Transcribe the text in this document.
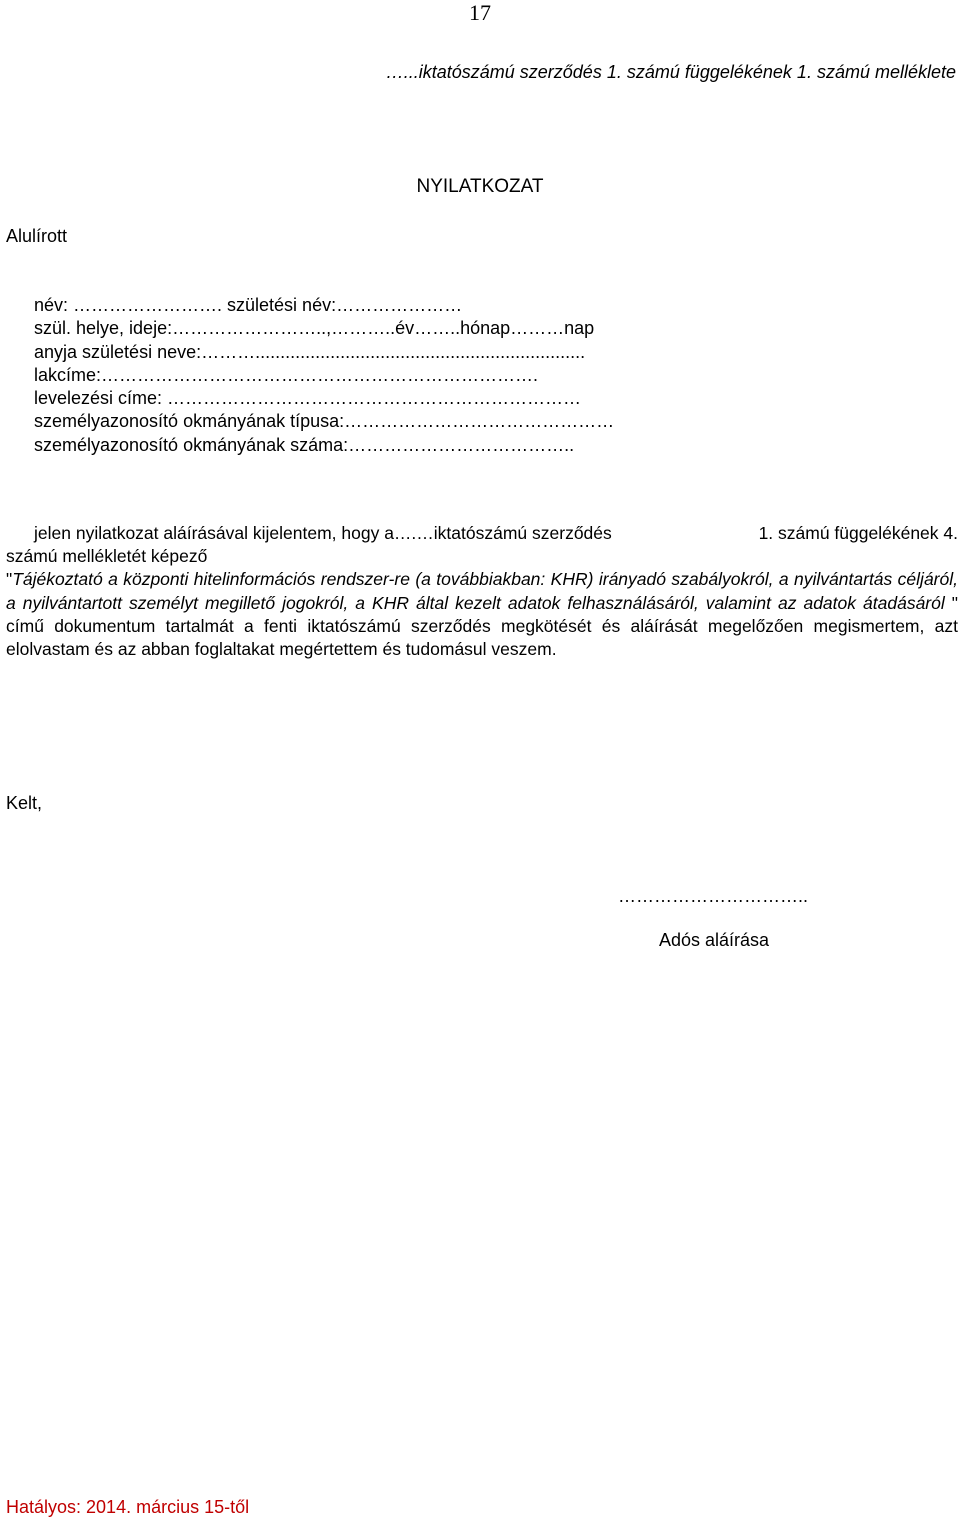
17
…...iktatószámú szerződés 1. számú függelékének 1. számú melléklete
NYILATKOZAT
Alulírott
név: ……………………. születési név:…………………
szül. helye, ideje:……………………..,………..év……..hónap………nap
anyja születési neve:………..................................................................
lakcíme:……………………………………………………………….
levelezési címe: ……………………………………………………………
személyazonosító okmányának típusa:………………………………………
személyazonosító okmányának száma:………………………………..
jelen nyilatkozat aláírásával kijelentem, hogy a….…iktatószámú szerződés	1. számú függelékének 4.
számú mellékletét képező
"Tájékoztató a központi hitelinformációs rendszer-re (a továbbiakban: KHR) irányadó szabályokról, a nyilvántartás céljáról, a nyilvántartott személyt megillető jogokról, a KHR által kezelt adatok felhasználásáról, valamint az adatok átadásáról " című dokumentum tartalmát a fenti iktatószámú szerződés megkötését és aláírását megelőzően megismertem, azt elolvastam és az abban foglaltakat megértettem és tudomásul veszem.
Kelt,
…………………………..
Adós aláírása
Hatályos: 2014. március 15-től
